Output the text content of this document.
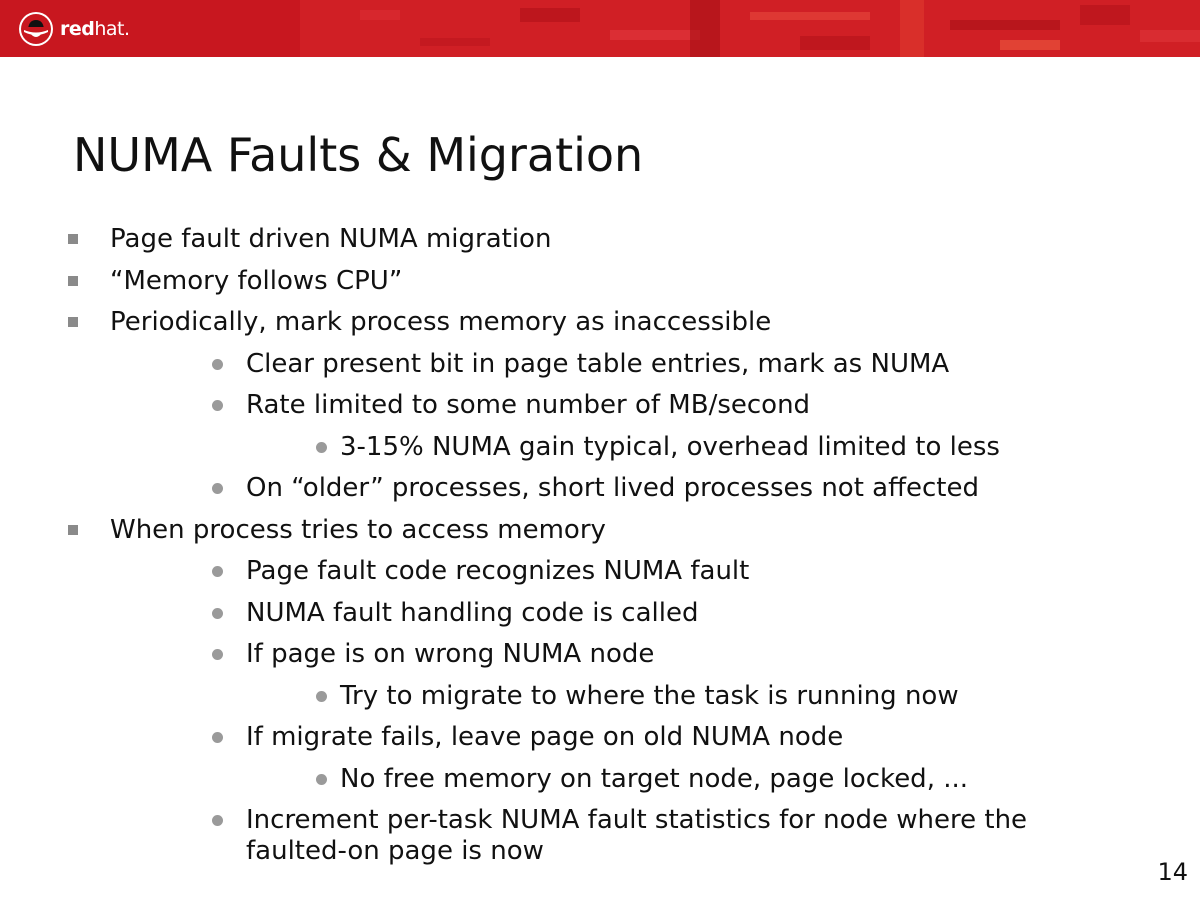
redhat.
NUMA Faults & Migration
Page fault driven NUMA migration
“Memory follows CPU”
Periodically, mark process memory as inaccessible
Clear present bit in page table entries, mark as NUMA
Rate limited to some number of MB/second
3-15% NUMA gain typical, overhead limited to less
On “older” processes, short lived processes not affected
When process tries to access memory
Page fault code recognizes NUMA fault
NUMA fault handling code is called
If page is on wrong NUMA node
Try to migrate to where the task is running now
If migrate fails, leave page on old NUMA node
No free memory on target node, page locked, ...
Increment per-task NUMA fault statistics for node where the
faulted-on page is now
14
